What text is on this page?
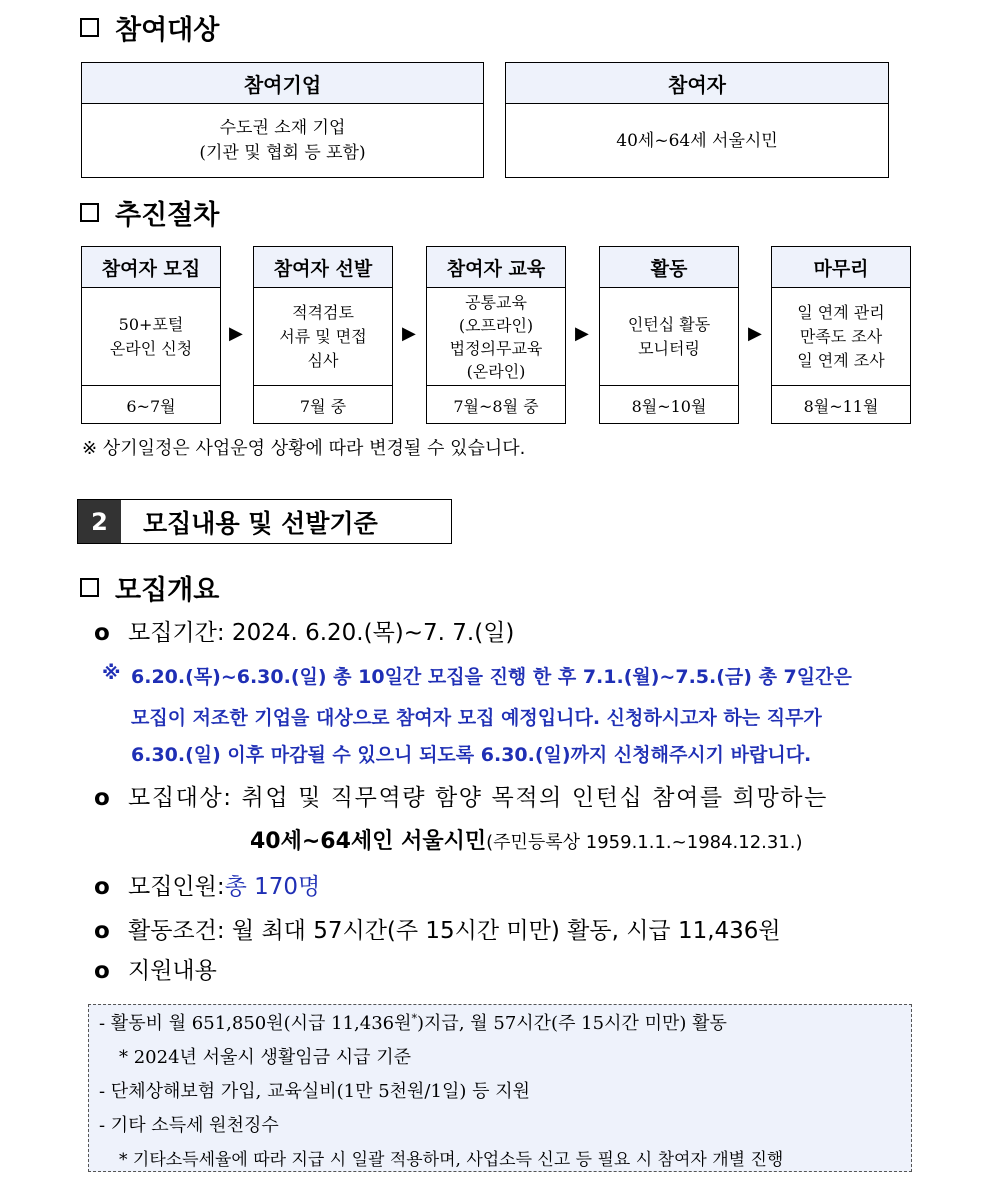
참여대상
참여기업
수도권 소재 기업
(기관 및 협회 등 포함)
참여자
40세~64세 서울시민
추진절차
참여자 모집
50+포털
온라인 신청
6~7월
▶
참여자 선발
적격검토
서류 및 면접
심사
7월 중
▶
참여자 교육
공통교육
(오프라인)
법정의무교육
(온라인)
7월~8월 중
▶
활동
인턴십 활동
모니터링
8월~10월
▶
마무리
일 연계 관리
만족도 조사
일 연계 조사
8월~11월
※ 상기일정은 사업운영 상황에 따라 변경될 수 있습니다.
2	모집내용 및 선발기준
모집개요
o 모집기간: 2024. 6.20.(목)~7. 7.(일)
※ 6.20.(목)~6.30.(일) 총 10일간 모집을 진행 한 후 7.1.(월)~7.5.(금) 총 7일간은
모집이 저조한 기업을 대상으로 참여자 모집 예정입니다. 신청하시고자 하는 직무가
6.30.(일) 이후 마감될 수 있으니 되도록 6.30.(일)까지 신청해주시기 바랍니다.
o 모집대상: 취업 및 직무역량 함양 목적의 인턴십 참여를 희망하는
40세~64세인 서울시민(주민등록상 1959.1.1.~1984.12.31.)
o 모집인원: 총 170명
o 활동조건: 월 최대 57시간(주 15시간 미만) 활동, 시급 11,436원
o 지원내용
- 활동비 월 651,850원(시급 11,436원*)지급, 월 57시간(주 15시간 미만) 활동
* 2024년 서울시 생활임금 시급 기준
- 단체상해보험 가입, 교육실비(1만 5천원/1일) 등 지원
- 기타 소득세 원천징수
* 기타소득세율에 따라 지급 시 일괄 적용하며, 사업소득 신고 등 필요 시 참여자 개별 진행
